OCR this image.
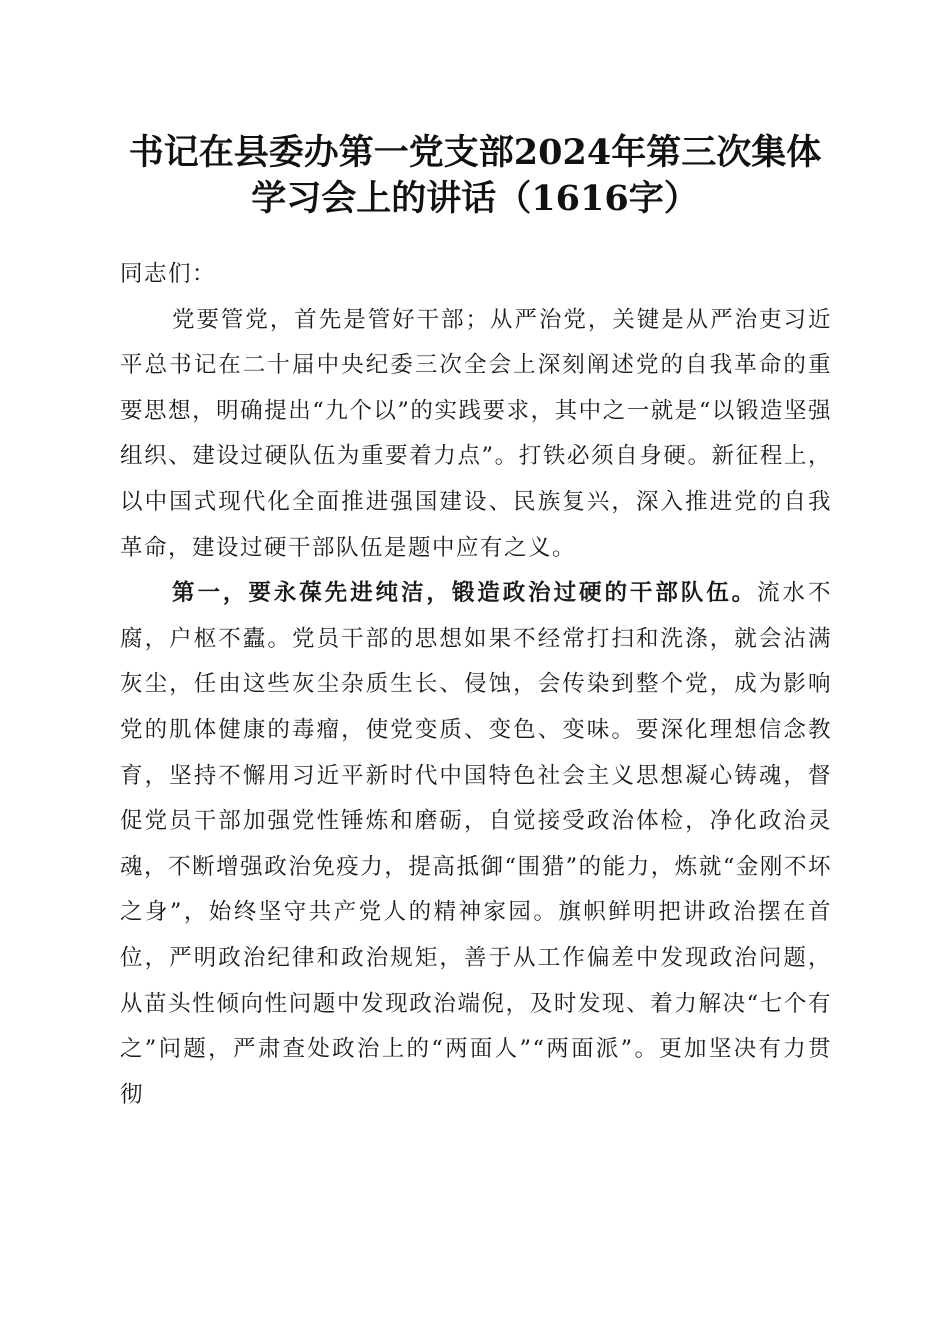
书记在县委办第一党支部2024年第三次集体
学习会上的讲话（1616字）

同志们：

党要管党，首先是管好干部；从严治党，关键是从严治吏习近平总书记在二十届中央纪委三次全会上深刻阐述党的自我革命的重要思想，明确提出“九个以”的实践要求，其中之一就是“以锻造坚强组织、建设过硬队伍为重要着力点”。打铁必须自身硬。新征程上，以中国式现代化全面推进强国建设、民族复兴，深入推进党的自我革命，建设过硬干部队伍是题中应有之义。

第一，要永葆先进纯洁，锻造政治过硬的干部队伍。流水不腐，户枢不蠹。党员干部的思想如果不经常打扫和洗涤，就会沾满灰尘，任由这些灰尘杂质生长、侵蚀，会传染到整个党，成为影响党的肌体健康的毒瘤，使党变质、变色、变味。要深化理想信念教育，坚持不懈用习近平新时代中国特色社会主义思想凝心铸魂，督促党员干部加强党性锤炼和磨砺，自觉接受政治体检，净化政治灵魂，不断增强政治免疫力，提高抵御“围猎”的能力，炼就“金刚不坏之身”，始终坚守共产党人的精神家园。旗帜鲜明把讲政治摆在首位，严明政治纪律和政治规矩，善于从工作偏差中发现政治问题，从苗头性倾向性问题中发现政治端倪，及时发现、着力解决“七个有之”问题，严肃查处政治上的“两面人”“两面派”。更加坚决有力贯彻
